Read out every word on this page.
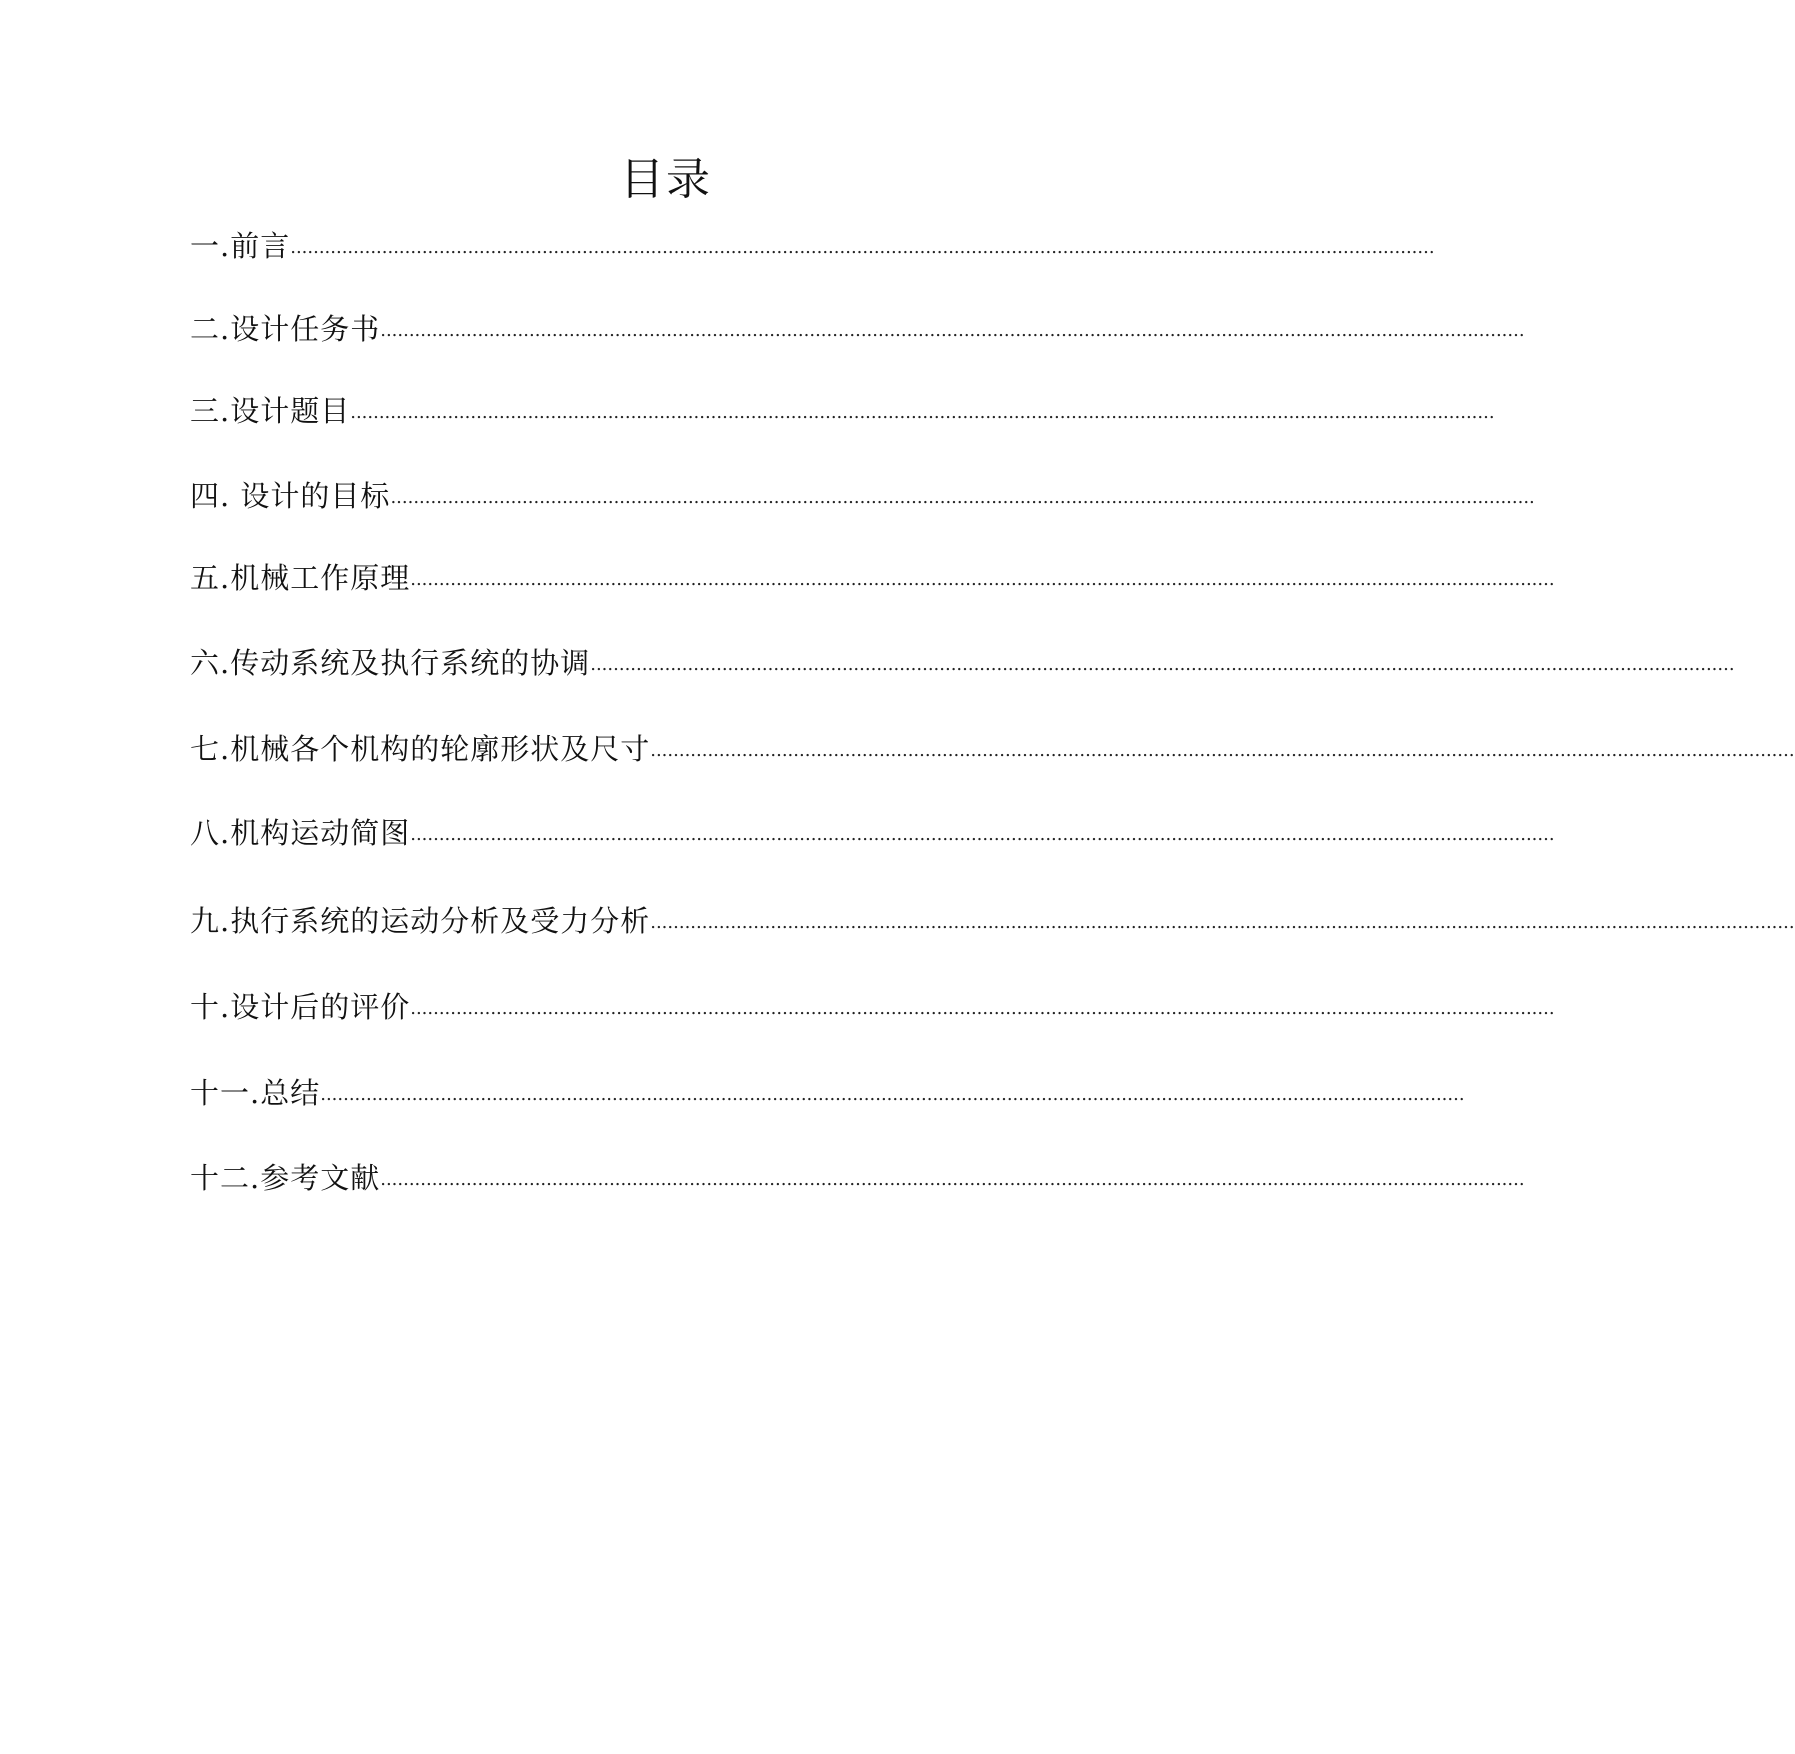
目录
一.前言 ........................................................................................................................................................................................................
二.设计任务书 ........................................................................................................................................................................................................
三.设计题目 ........................................................................................................................................................................................................
四. 设计的目标 ........................................................................................................................................................................................................
五.机械工作原理 ........................................................................................................................................................................................................
六.传动系统及执行系统的协调 ........................................................................................................................................................................................................
七.机械各个机构的轮廓形状及尺寸 ........................................................................................................................................................................................................
八.机构运动简图 ........................................................................................................................................................................................................
九.执行系统的运动分析及受力分析 ........................................................................................................................................................................................................
十.设计后的评价 ........................................................................................................................................................................................................
十一.总结 ........................................................................................................................................................................................................
十二.参考文献 ........................................................................................................................................................................................................
